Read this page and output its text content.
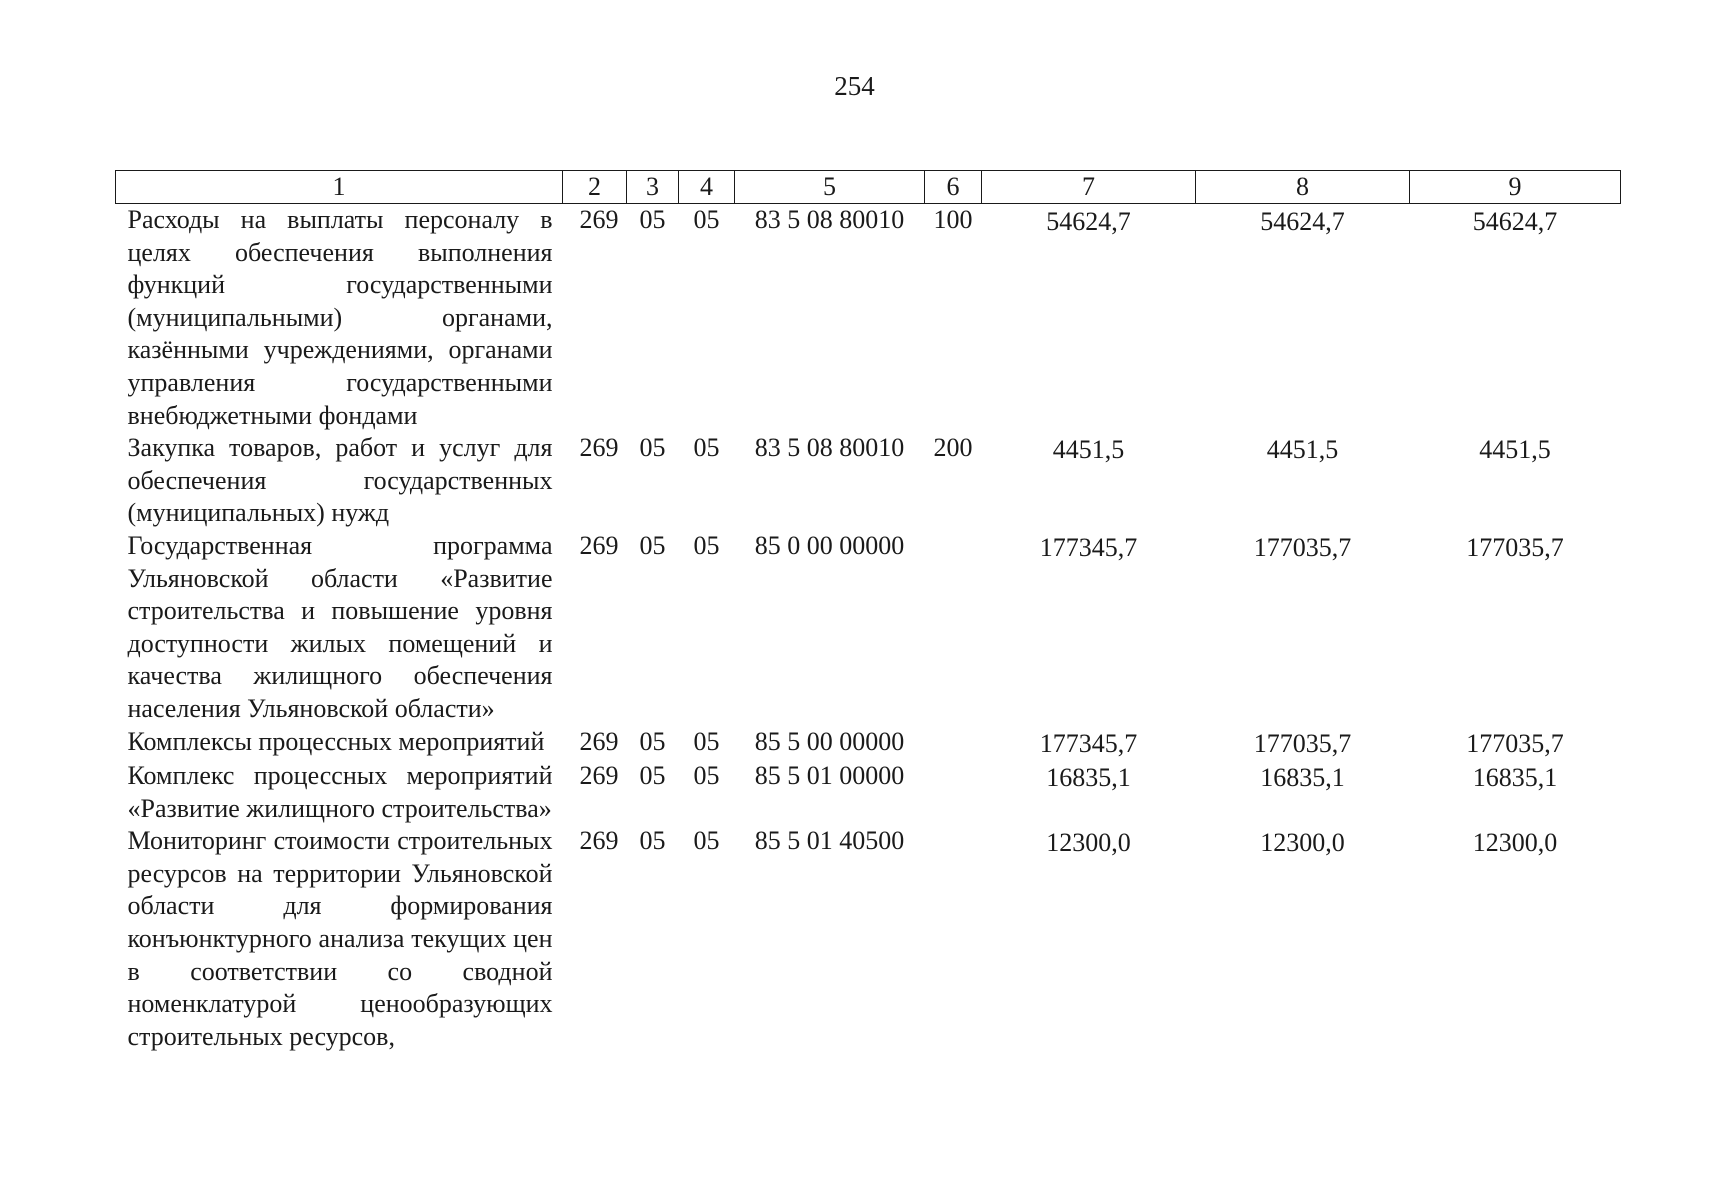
254
1	2	3	4	5	6	7	8	9
Расходы на выплаты персоналу в целях обеспечения выполнения функций государственными (муниципальными) органами, казёнными учреждениями, органами управления государственными внебюджетными фондами	269	05	05	83 5 08 80010	100	54624,7	54624,7	54624,7
Закупка товаров, работ и услуг для обеспечения государственных (муниципальных) нужд	269	05	05	83 5 08 80010	200	4451,5	4451,5	4451,5
Государственная программа Ульяновской области «Развитие строительства и повышение уровня доступности жилых помещений и качества жилищного обеспечения населения Ульяновской области»	269	05	05	85 0 00 00000		177345,7	177035,7	177035,7
Комплексы процессных мероприятий	269	05	05	85 5 00 00000		177345,7	177035,7	177035,7
Комплекс процессных мероприятий «Развитие жилищного строительства»	269	05	05	85 5 01 00000		16835,1	16835,1	16835,1
Мониторинг стоимости строительных ресурсов на территории Ульяновской области для формирования конъюнктурного анализа текущих цен в соответствии со сводной номенклатурой ценообразующих строительных ресурсов,	269	05	05	85 5 01 40500		12300,0	12300,0	12300,0
